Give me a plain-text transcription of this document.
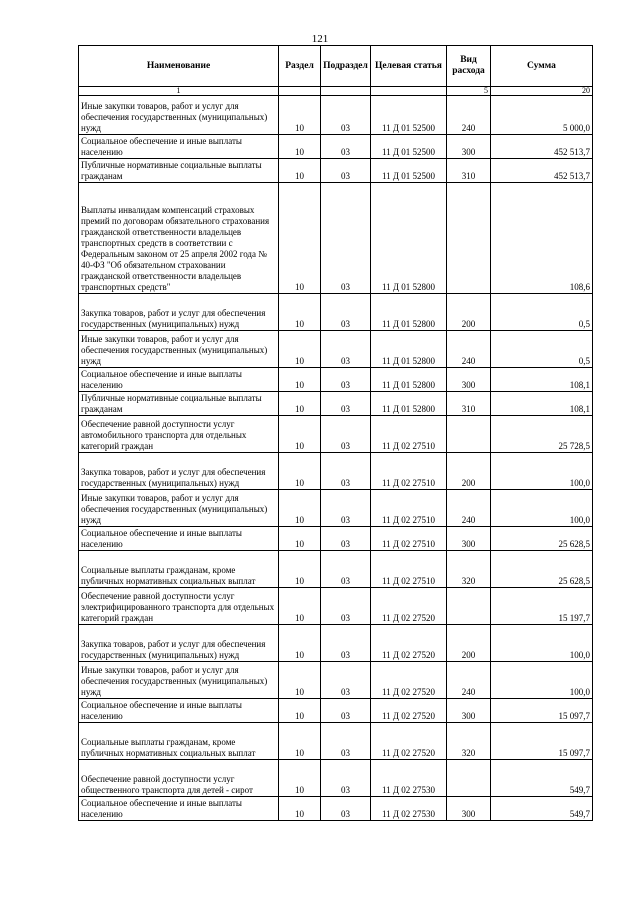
121
Наименование	Раздел	Подраздел	Целевая статья	Вид расхода	Сумма
1				5	20
Иные закупки товаров, работ и услуг для обеспечения государственных (муниципальных) нужд	10	03	11 Д 01 52500	240	5 000,0
Социальное обеспечение и иные выплаты населению	10	03	11 Д 01 52500	300	452 513,7
Публичные нормативные социальные выплаты гражданам	10	03	11 Д 01 52500	310	452 513,7
Выплаты инвалидам компенсаций страховых премий по договорам обязательного страхования гражданской ответственности владельцев транспортных средств в соответствии с Федеральным законом от 25 апреля 2002 года № 40-ФЗ "Об обязательном страховании гражданской ответственности владельцев транспортных средств"	10	03	11 Д 01 52800		108,6
Закупка товаров, работ и услуг для обеспечения государственных (муниципальных) нужд	10	03	11 Д 01 52800	200	0,5
Иные закупки товаров, работ и услуг для обеспечения государственных (муниципальных) нужд	10	03	11 Д 01 52800	240	0,5
Социальное обеспечение и иные выплаты населению	10	03	11 Д 01 52800	300	108,1
Публичные нормативные социальные выплаты гражданам	10	03	11 Д 01 52800	310	108,1
Обеспечение равной доступности услуг автомобильного транспорта для отдельных категорий граждан	10	03	11 Д 02 27510		25 728,5
Закупка товаров, работ и услуг для обеспечения государственных (муниципальных) нужд	10	03	11 Д 02 27510	200	100,0
Иные закупки товаров, работ и услуг для обеспечения государственных (муниципальных) нужд	10	03	11 Д 02 27510	240	100,0
Социальное обеспечение и иные выплаты населению	10	03	11 Д 02 27510	300	25 628,5
Социальные выплаты гражданам, кроме публичных нормативных социальных выплат	10	03	11 Д 02 27510	320	25 628,5
Обеспечение равной доступности услуг электрифицированного транспорта для отдельных категорий граждан	10	03	11 Д 02 27520		15 197,7
Закупка товаров, работ и услуг для обеспечения государственных (муниципальных) нужд	10	03	11 Д 02 27520	200	100,0
Иные закупки товаров, работ и услуг для обеспечения государственных (муниципальных) нужд	10	03	11 Д 02 27520	240	100,0
Социальное обеспечение и иные выплаты населению	10	03	11 Д 02 27520	300	15 097,7
Социальные выплаты гражданам, кроме публичных нормативных социальных выплат	10	03	11 Д 02 27520	320	15 097,7
Обеспечение равной доступности услуг общественного транспорта для детей - сирот	10	03	11 Д 02 27530		549,7
Социальное обеспечение и иные выплаты населению	10	03	11 Д 02 27530	300	549,7
